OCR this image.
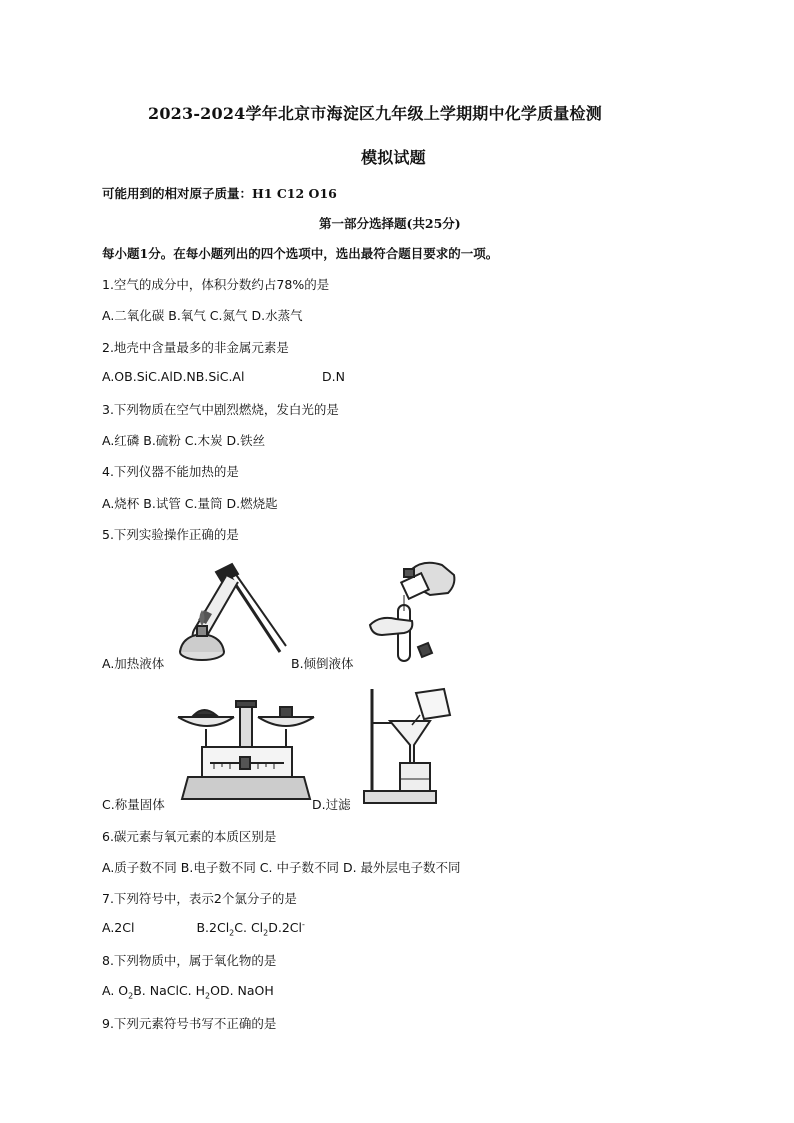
2023-2024学年北京市海淀区九年级上学期期中化学质量检测
模拟试题
可能用到的相对原子质量：H1 C12 O16
第一部分选择题(共25分)
每小题1分。在每小题列出的四个选项中，选出最符合题目要求的一项。
1.空气的成分中，体积分数约占78%的是
A.二氧化碳 B.氧气 C.氮气 D.水蒸气
2.地壳中含量最多的非金属元素是
A.OB.SiC.AlD.NB.SiC.Al	D.N
3.下列物质在空气中剧烈燃烧，发白光的是
A.红磷 B.硫粉 C.木炭 D.铁丝
4.下列仪器不能加热的是
A.烧杯 B.试管 C.量筒 D.燃烧匙
5.下列实验操作正确的是
A.加热液体	B.倾倒液体
C.称量固体	D.过滤
6.碳元素与氧元素的本质区别是
A.质子数不同 B.电子数不同 C. 中子数不同 D. 最外层电子数不同
7.下列符号中，表示2个氯分子的是
A.2Cl	$B.2Cl_2C$. $Cl_2D.2Cl^-$
8.下列物质中，属于氧化物的是
A. $O_2B$. NaClC. $H_2OD$. NaOH
9.下列元素符号书写不正确的是
